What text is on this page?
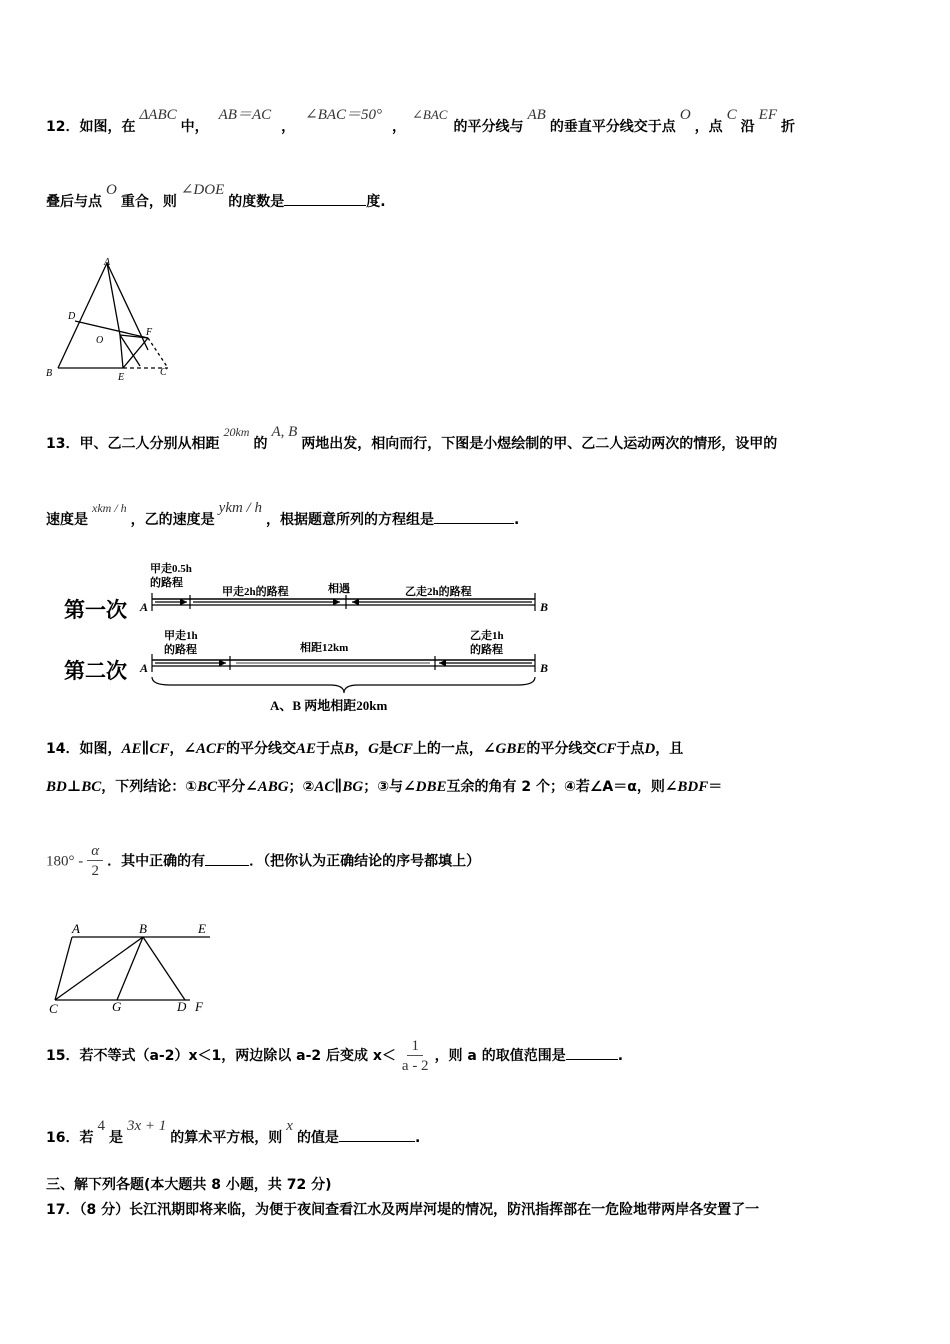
12．如图，在ΔABC中，AB＝AC，∠BAC＝50°，∠BAC的平分线与AB的垂直平分线交于点O，点C沿EF折
叠后与点O重合，则∠DOE的度数是	度.
A
D
O
F
B	E	C
13．甲、乙二人分别从相距20km的A, B两地出发，相向而行，下图是小煜绘制的甲、乙二人运动两次的情形，设甲的
速度是xkm / h，乙的速度是ykm / h，根据题意所列的方程组是	.
第一次
第二次
A	B
A	B
甲走0.5h
的路程
甲走2h的路程	相遇	乙走2h的路程
甲走1h
的路程	相距12km
乙走1h
的路程
A、B 两地相距20km
14．如图，AE∥CF，∠ACF的平分线交AE于点B，G是CF上的一点，∠GBE的平分线交CF于点D，且
BD⊥BC，下列结论：①BC平分∠ABG；②AC∥BG；③与∠DBE互余的角有 2 个；④若∠A＝α，则∠BDF＝
$180^\circ - \frac{\alpha}{2}$ ．其中正确的有	．（把你认为正确结论的序号都填上）
A	B	E
C	G	D F
15．若不等式（a-2）x＜1，两边除以 a-2 后变成 $x< \frac{1}{a - 2}$ ，则 a 的取值范围是	.
16．若4是3x + 1的算术平方根，则x的值是	.
三、解下列各题(本大题共 8 小题，共 72 分)
17．（8 分）长江汛期即将来临，为便于夜间查看江水及两岸河堤的情况，防汛指挥部在一危险地带两岸各安置了一
